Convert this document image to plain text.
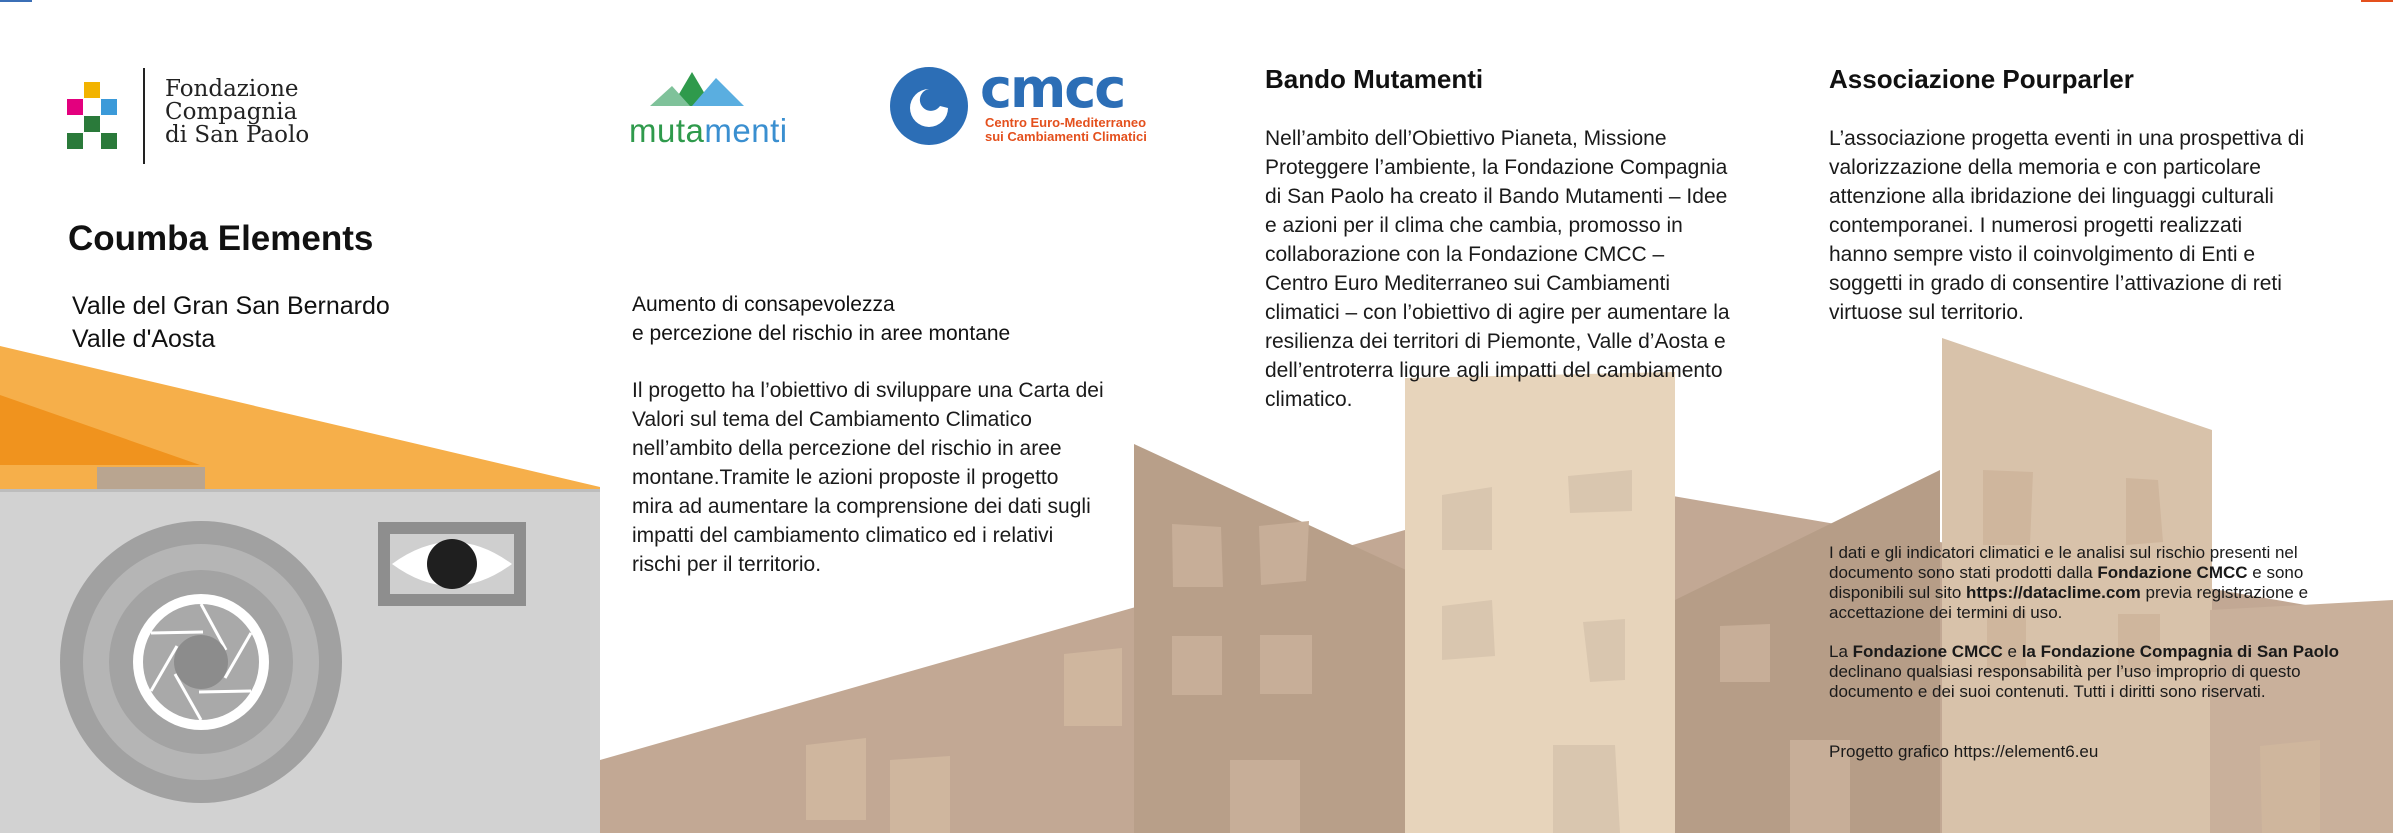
Fondazione
Compagnia
di San Paolo	mutamenti
cmcc
Centro Euro-Mediterraneo
sui Cambiamenti Climatici
Coumba Elements
Valle del Gran San Bernardo
Valle d'Aosta
Aumento di consapevolezza
e percezione del rischio in aree montane
Il progetto ha l’obiettivo di sviluppare una Carta dei
Valori sul tema del Cambiamento Climatico
nell’ambito della percezione del rischio in aree
montane.Tramite le azioni proposte il progetto
mira ad aumentare la comprensione dei dati sugli
impatti del cambiamento climatico ed i relativi
rischi per il territorio.
Bando Mutamenti
Nell’ambito dell’Obiettivo Pianeta, Missione
Proteggere l’ambiente, la Fondazione Compagnia
di San Paolo ha creato il Bando Mutamenti – Idee
e azioni per il clima che cambia, promosso in
collaborazione con la Fondazione CMCC –
Centro Euro Mediterraneo sui Cambiamenti
climatici – con l’obiettivo di agire per aumentare la
resilienza dei territori di Piemonte, Valle d’Aosta e
dell’entroterra ligure agli impatti del cambiamento
climatico.
Associazione Pourparler
L’associazione progetta eventi in una prospettiva di
valorizzazione della memoria e con particolare
attenzione alla ibridazione dei linguaggi culturali
contemporanei. I numerosi progetti realizzati
hanno sempre visto il coinvolgimento di Enti e
soggetti in grado di consentire l’attivazione di reti
virtuose sul territorio.
I dati e gli indicatori climatici e le analisi sul rischio presenti nel documento sono stati prodotti dalla Fondazione CMCC e sono disponibili sul sito https://dataclime.com previa registrazione e accettazione dei termini di uso.
La Fondazione CMCC e la Fondazione Compagnia di San Paolo declinano qualsiasi responsabilità per l’uso improprio di questo documento e dei suoi contenuti. Tutti i diritti sono riservati.
Progetto grafico https://element6.eu
